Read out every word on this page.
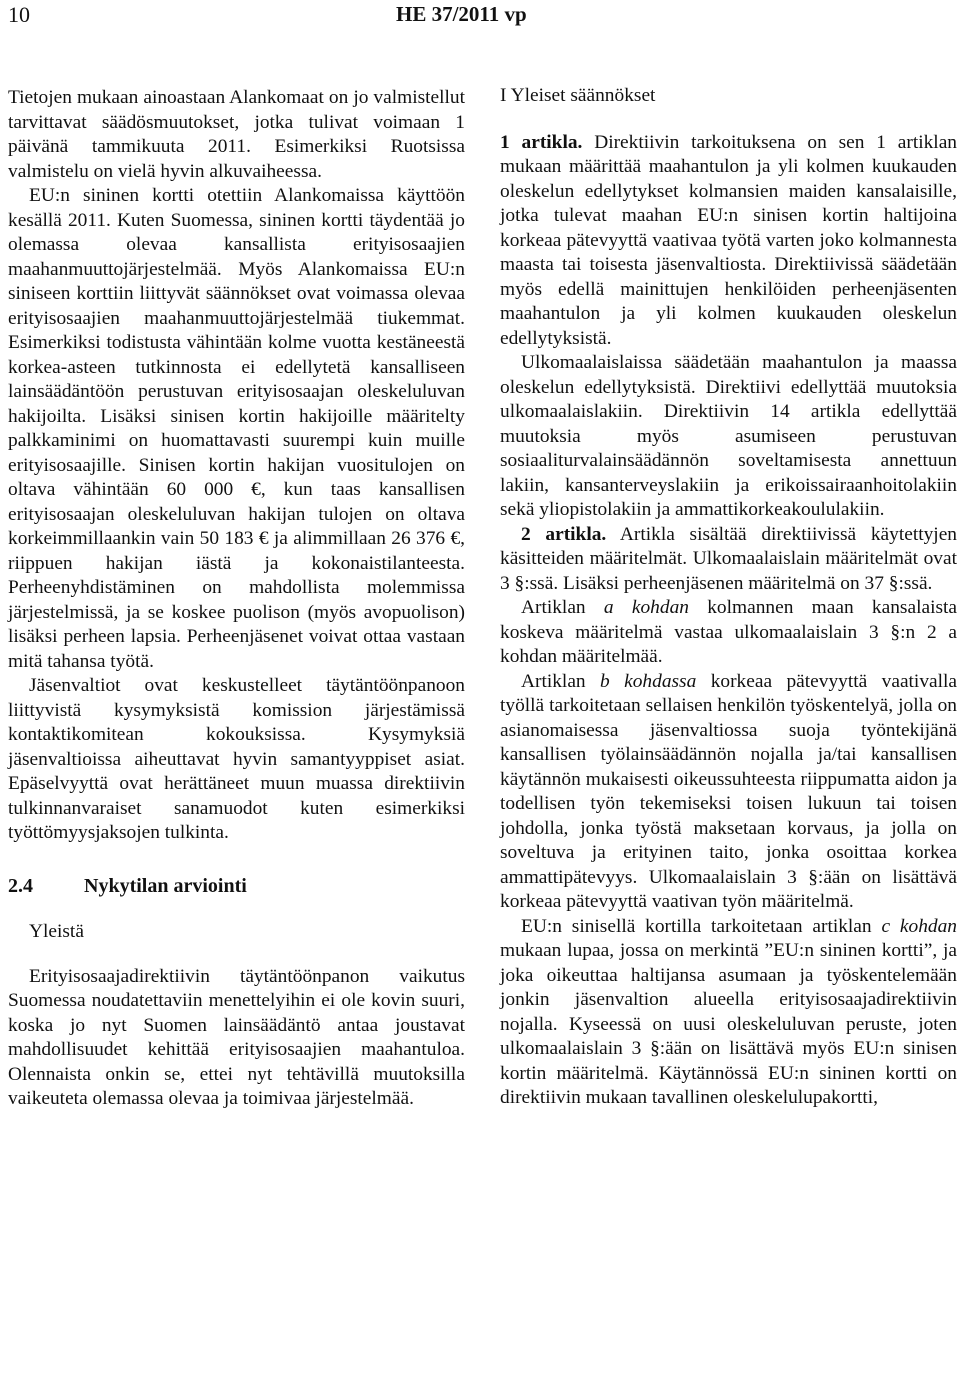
10	HE 37/2011 vp

Tietojen mukaan ainoastaan Alankomaat on jo valmistellut tarvittavat säädösmuutokset, jotka tulivat voimaan 1 päivänä tammikuuta 2011. Esimerkiksi Ruotsissa valmistelu on vielä hyvin alkuvaiheessa.

EU:n sininen kortti otettiin Alankomaissa käyttöön kesällä 2011. Kuten Suomessa, sininen kortti täydentää jo olemassa olevaa kansallista erityisosaajien maahanmuuttojärjestelmää. Myös Alankomaissa EU:n siniseen korttiin liittyvät säännökset ovat voimassa olevaa erityisosaajien maahanmuuttojärjestelmää tiukemmat. Esimerkiksi todistusta vähintään kolme vuotta kestäneestä korkea-asteen tutkinnosta ei edellytetä kansalliseen lainsäädäntöön perustuvan erityisosaajan oleskeluluvan hakijoilta. Lisäksi sinisen kortin hakijoille määritelty palkkaminimi on huomattavasti suurempi kuin muille erityisosaajille. Sinisen kortin hakijan vuositulojen on oltava vähintään 60 000 €, kun taas kansallisen erityisosaajan oleskeluluvan hakijan tulojen on oltava korkeimmillaankin vain 50 183 € ja alimmillaan 26 376 €, riippuen hakijan iästä ja kokonaistilanteesta. Perheenyhdistäminen on mahdollista molemmissa järjestelmissä, ja se koskee puolison (myös avopuolison) lisäksi perheen lapsia. Perheenjäsenet voivat ottaa vastaan mitä tahansa työtä.

Jäsenvaltiot ovat keskustelleet täytäntöönpanoon liittyvistä kysymyksistä komission järjestämissä kontaktikomitean kokouksissa. Kysymyksiä jäsenvaltioissa aiheuttavat hyvin samantyyppiset asiat. Epäselvyyttä ovat herättäneet muun muassa direktiivin tulkinnanvaraiset sanamuodot kuten esimerkiksi työttömyysjaksojen tulkinta.

2.4	Nykytilan arviointi
Yleistä

Erityisosaajadirektiivin täytäntöönpanon vaikutus Suomessa noudatettaviin menettelyihin ei ole kovin suuri, koska jo nyt Suomen lainsäädäntö antaa joustavat mahdollisuudet kehittää erityisosaajien maahantuloa. Olennaista onkin se, ettei nyt tehtävillä muutoksilla vaikeuteta olemassa olevaa ja toimivaa järjestelmää.

I Yleiset säännökset

1 artikla. Direktiivin tarkoituksena on sen 1 artiklan mukaan määrittää maahantulon ja yli kolmen kuukauden oleskelun edellytykset kolmansien maiden kansalaisille, jotka tulevat maahan EU:n sinisen kortin haltijoina korkeaa pätevyyttä vaativaa työtä varten joko kolmannesta maasta tai toisesta jäsenvaltiosta. Direktiivissä säädetään myös edellä mainittujen henkilöiden perheenjäsenten maahantulon ja yli kolmen kuukauden oleskelun edellytyksistä.

Ulkomaalaislaissa säädetään maahantulon ja maassa oleskelun edellytyksistä. Direktiivi edellyttää muutoksia ulkomaalaislakiin. Direktiivin 14 artikla edellyttää muutoksia myös asumiseen perustuvan sosiaaliturvalainsäädännön soveltamisesta annettuun lakiin, kansanterveyslakiin ja erikoissairaanhoitolakiin sekä yliopistolakiin ja ammattikorkeakoululakiin.

2 artikla. Artikla sisältää direktiivissä käytettyjen käsitteiden määritelmät. Ulkomaalaislain määritelmät ovat 3 §:ssä. Lisäksi perheenjäsenen määritelmä on 37 §:ssä.

Artiklan a kohdan kolmannen maan kansalaista koskeva määritelmä vastaa ulkomaalaislain 3 §:n 2 a kohdan määritelmää.

Artiklan b kohdassa korkeaa pätevyyttä vaativalla työllä tarkoitetaan sellaisen henkilön työskentelyä, jolla on asianomaisessa jäsenvaltiossa suoja työntekijänä kansallisen työlainsäädännön nojalla ja/tai kansallisen käytännön mukaisesti oikeussuhteesta riippumatta aidon ja todellisen työn tekemiseksi toisen lukuun tai toisen johdolla, jonka työstä maksetaan korvaus, ja jolla on soveltuva ja erityinen taito, jonka osoittaa korkea ammattipätevyys. Ulkomaalaislain 3 §:ään on lisättävä korkeaa pätevyyttä vaativan työn määritelmä.

EU:n sinisellä kortilla tarkoitetaan artiklan c kohdan mukaan lupaa, jossa on merkintä ”EU:n sininen kortti”, ja joka oikeuttaa haltijansa asumaan ja työskentelemään jonkin jäsenvaltion alueella erityisosaajadirektiivin nojalla. Kyseessä on uusi oleskeluluvan peruste, joten ulkomaalaislain 3 §:ään on lisättävä myös EU:n sinisen kortin määritelmä. Käytännössä EU:n sininen kortti on direktiivin mukaan tavallinen oleskelulupakortti,
